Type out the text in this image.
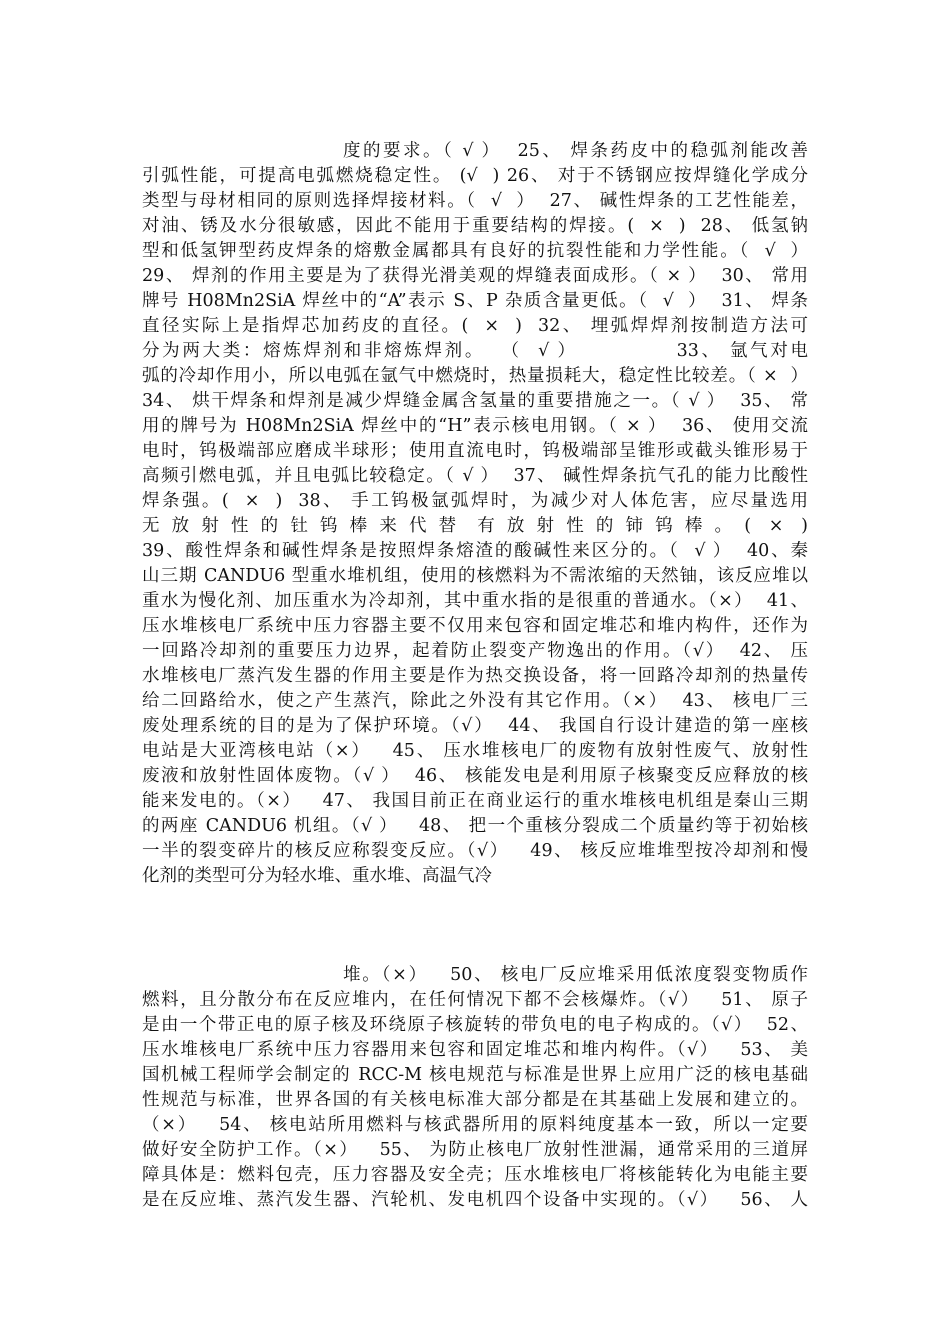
度的要求。（ √ ）  25、 焊条药皮中的稳弧剂能改善
引弧性能，可提高电弧燃烧稳定性。 (√  ) 26、 对于不锈钢应按焊缝化学成分
类型与母材相同的原则选择焊接材料。（  √  ）  27、 碱性焊条的工艺性能差，
对油、锈及水分很敏感，因此不能用于重要结构的焊接。(  ×  )  28、 低氢钠
型和低氢钾型药皮焊条的熔敷金属都具有良好的抗裂性能和力学性能。（  √  ）
29、 焊剂的作用主要是为了获得光滑美观的焊缝表面成形。（ × ）  30、 常用
牌号 H08Mn2SiA 焊丝中的“A”表示 S、P 杂质含量更低。（  √  ）  31、 焊条
直径实际上是指焊芯加药皮的直径。(  ×  )  32、 埋弧焊焊剂按制造方法可
分为两大类：熔炼焊剂和非熔炼焊剂。  （  √ ）            33、 氩气对电
弧的冷却作用小，所以电弧在氩气中燃烧时，热量损耗大，稳定性比较差。（ ×  ）
34、 烘干焊条和焊剂是减少焊缝金属含氢量的重要措施之一。（ √ ）  35、 常
用的牌号为 H08Mn2SiA 焊丝中的“H”表示核电用钢。（ × ）  36、 使用交流
电时，钨极端部应磨成半球形；使用直流电时，钨极端部呈锥形或截头锥形易于
高频引燃电弧，并且电弧比较稳定。（ √ ）  37、 碱性焊条抗气孔的能力比酸性
焊条强。(  ×  )  38、 手工钨极氩弧焊时，为减少对人体危害，应尽量选用
无 放 射 性 的 钍 钨 棒 来 代 替  有 放 射 性 的 铈 钨 棒 。 (  ×  )
39、酸性焊条和碱性焊条是按照焊条熔渣的酸碱性来区分的。（  √ ）  40、秦
山三期 CANDU6 型重水堆机组，使用的核燃料为不需浓缩的天然铀，该反应堆以
重水为慢化剂、加压重水为冷却剂，其中重水指的是很重的普通水。（×）  41、
压水堆核电厂系统中压力容器主要不仅用来包容和固定堆芯和堆内构件，还作为
一回路冷却剂的重要压力边界，起着防止裂变产物逸出的作用。（√）  42、 压
水堆核电厂蒸汽发生器的作用主要是作为热交换设备，将一回路冷却剂的热量传
给二回路给水，使之产生蒸汽，除此之外没有其它作用。（×）  43、 核电厂三
废处理系统的目的是为了保护环境。（√）  44、 我国自行设计建造的第一座核
电站是大亚湾核电站（×）   45、 压水堆核电厂的废物有放射性废气、放射性
废液和放射性固体废物。（√ ）  46、 核能发电是利用原子核聚变反应释放的核
能来发电的。（×）   47、 我国目前正在商业运行的重水堆核电机组是秦山三期
的两座 CANDU6 机组。（√ ）   48、 把一个重核分裂成二个质量约等于初始核
一半的裂变碎片的核反应称裂变反应。（√）   49、 核反应堆堆型按冷却剂和慢
化剂的类型可分为轻水堆、重水堆、高温气冷
堆。（×）   50、 核电厂反应堆采用低浓度裂变物质作
燃料，且分散分布在反应堆内，在任何情况下都不会核爆炸。（√）   51、 原子
是由一个带正电的原子核及环绕原子核旋转的带负电的电子构成的。（√）  52、
压水堆核电厂系统中压力容器用来包容和固定堆芯和堆内构件。（√）   53、 美
国机械工程师学会制定的 RCC-M 核电规范与标准是世界上应用广泛的核电基础
性规范与标准，世界各国的有关核电标准大部分都是在其基础上发展和建立的。
（×）   54、 核电站所用燃料与核武器所用的原料纯度基本一致，所以一定要
做好安全防护工作。（×）   55、 为防止核电厂放射性泄漏，通常采用的三道屏
障具体是：燃料包壳，压力容器及安全壳；压水堆核电厂将核能转化为电能主要
是在反应堆、蒸汽发生器、汽轮机、发电机四个设备中实现的。（√）   56、 人
